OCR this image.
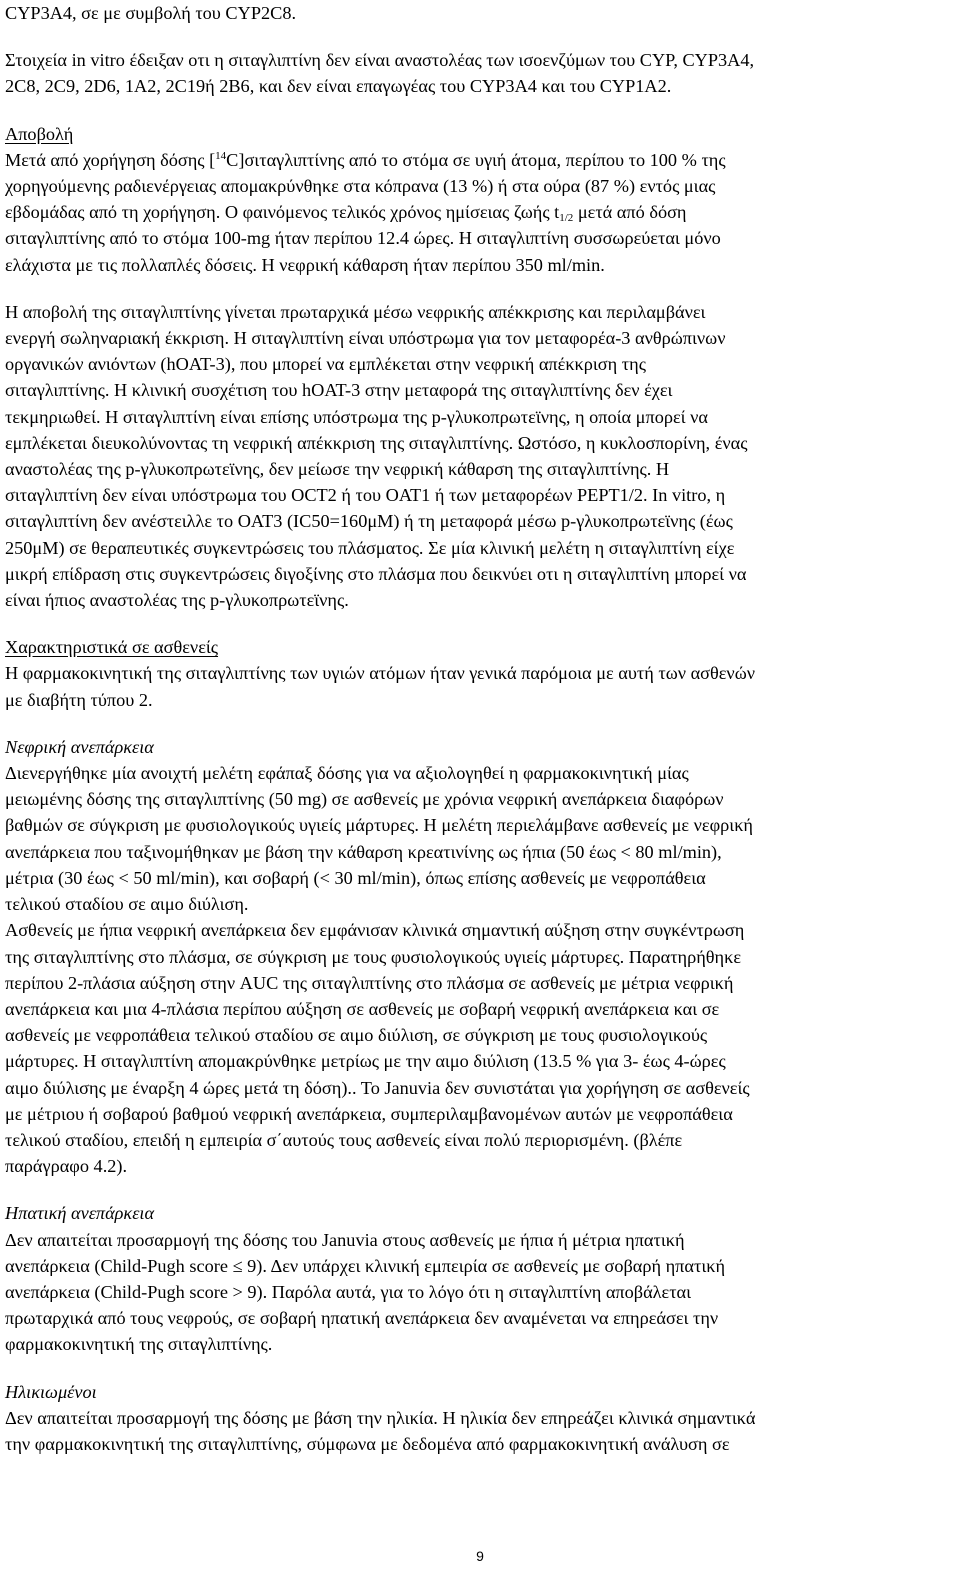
CYP3A4, σε με συμβολή του CYP2C8.
Στοιχεία in vitro έδειξαν οτι η σιταγλιπτίνη δεν είναι αναστολέας των ισοενζύμων του CYP, CYP3A4,
2C8, 2C9, 2D6, 1A2, 2C19ή 2B6, και δεν είναι επαγωγέας του CYP3A4 και του CYP1A2.
Αποβολή
Μετά από χορήγηση δόσης [$^{14}$C]σιταγλιπτίνης από το στόμα σε υγιή άτομα, περίπου το 100 % της
χορηγούμενης ραδιενέργειας απομακρύνθηκε στα κόπρανα (13 %) ή στα ούρα (87 %) εντός μιας
εβδομάδας από τη χορήγηση. Ο φαινόμενος τελικός χρόνος ημίσειας ζωής $t_{1/2}$ μετά από δόση
σιταγλιπτίνης από το στόμα 100-mg ήταν περίπου 12.4 ώρες. Η σιταγλιπτίνη συσσωρεύεται μόνο
ελάχιστα με τις πολλαπλές δόσεις. Η νεφρική κάθαρση ήταν περίπου 350 ml/min.
Η αποβολή της σιταγλιπτίνης γίνεται πρωταρχικά μέσω νεφρικής απέκκρισης και περιλαμβάνει
ενεργή σωληναριακή έκκριση. Η σιταγλιπτίνη είναι υπόστρωμα για τον μεταφορέα-3 ανθρώπινων
οργανικών ανιόντων (hOAT-3), που μπορεί να εμπλέκεται στην νεφρική απέκκριση της
σιταγλιπτίνης. Η κλινική συσχέτιση του hOAT-3 στην μεταφορά της σιταγλιπτίνης δεν έχει
τεκμηριωθεί. Η σιταγλιπτίνη είναι επίσης υπόστρωμα της p-γλυκοπρωτεϊνης, η οποία μπορεί να
εμπλέκεται διευκολύνοντας τη νεφρική απέκκριση της σιταγλιπτίνης. Ωστόσο, η κυκλοσπορίνη, ένας
αναστολέας της p-γλυκοπρωτεϊνης, δεν μείωσε την νεφρική κάθαρση της σιταγλιπτίνης. Η
σιταγλιπτίνη δεν είναι υπόστρωμα του OCT2 ή του OAT1 ή των μεταφορέων PEPT1/2. In vitro, η
σιταγλιπτίνη δεν ανέστειλλε το OAT3 (IC50=160μM) ή τη μεταφορά μέσω p-γλυκοπρωτεϊνης (έως
250μM) σε θεραπευτικές συγκεντρώσεις του πλάσματος. Σε μία κλινική μελέτη η σιταγλιπτίνη είχε
μικρή επίδραση στις συγκεντρώσεις διγοξίνης στο πλάσμα που δεικνύει οτι η σιταγλιπτίνη μπορεί να
είναι ήπιος αναστολέας της p-γλυκοπρωτεϊνης.
Χαρακτηριστικά σε ασθενείς
Η φαρμακοκινητική της σιταγλιπτίνης των υγιών ατόμων ήταν γενικά παρόμοια με αυτή των ασθενών
με διαβήτη τύπου 2.
Νεφρική ανεπάρκεια
Διενεργήθηκε μία ανοιχτή μελέτη εφάπαξ δόσης για να αξιολογηθεί η φαρμακοκινητική μίας
μειωμένης δόσης της σιταγλιπτίνης (50 mg) σε ασθενείς με χρόνια νεφρική ανεπάρκεια διαφόρων
βαθμών σε σύγκριση με φυσιολογικούς υγιείς μάρτυρες. Η μελέτη περιελάμβανε ασθενείς με νεφρική
ανεπάρκεια που ταξινομήθηκαν με βάση την κάθαρση κρεατινίνης ως ήπια (50 έως < 80 ml/min),
μέτρια (30 έως < 50 ml/min), και σοβαρή (< 30 ml/min), όπως επίσης ασθενείς με νεφροπάθεια
τελικού σταδίου σε αιμο διύλιση.
Ασθενείς με ήπια νεφρική ανεπάρκεια δεν εμφάνισαν κλινικά σημαντική αύξηση στην συγκέντρωση
της σιταγλιπτίνης στο πλάσμα, σε σύγκριση με τους φυσιολογικούς υγιείς μάρτυρες. Παρατηρήθηκε
περίπου 2-πλάσια αύξηση στην AUC της σιταγλιπτίνης στο πλάσμα σε ασθενείς με μέτρια νεφρική
ανεπάρκεια και μια 4-πλάσια περίπου αύξηση σε ασθενείς με σοβαρή νεφρική ανεπάρκεια και σε
ασθενείς με νεφροπάθεια τελικού σταδίου σε αιμο διύλιση, σε σύγκριση με τους φυσιολογικούς
μάρτυρες. Η σιταγλιπτίνη απομακρύνθηκε μετρίως με την αιμο διύλιση (13.5 % για 3- έως 4-ώρες
αιμο διύλισης με έναρξη 4 ώρες μετά τη δόση).. Το Januvia δεν συνιστάται για χορήγηση σε ασθενείς
με μέτριου ή σοβαρού βαθμού νεφρική ανεπάρκεια, συμπεριλαμβανομένων αυτών με νεφροπάθεια
τελικού σταδίου, επειδή η εμπειρία σ΄αυτούς τους ασθενείς είναι πολύ περιορισμένη. (βλέπε
παράγραφο 4.2).
Ηπατική ανεπάρκεια
Δεν απαιτείται προσαρμογή της δόσης του Januvia στους ασθενείς με ήπια ή μέτρια ηπατική
ανεπάρκεια (Child-Pugh score ≤ 9). Δεν υπάρχει κλινική εμπειρία σε ασθενείς με σοβαρή ηπατική
ανεπάρκεια (Child-Pugh score > 9). Παρόλα αυτά, για το λόγο ότι η σιταγλιπτίνη αποβάλεται
πρωταρχικά από τους νεφρούς, σε σοβαρή ηπατική ανεπάρκεια δεν αναμένεται να επηρεάσει την
φαρμακοκινητική της σιταγλιπτίνης.
Ηλικιωμένοι
Δεν απαιτείται προσαρμογή της δόσης με βάση την ηλικία. Η ηλικία δεν επηρεάζει κλινικά σημαντικά
την φαρμακοκινητική της σιταγλιπτίνης, σύμφωνα με δεδομένα από φαρμακοκινητική ανάλυση σε
9
